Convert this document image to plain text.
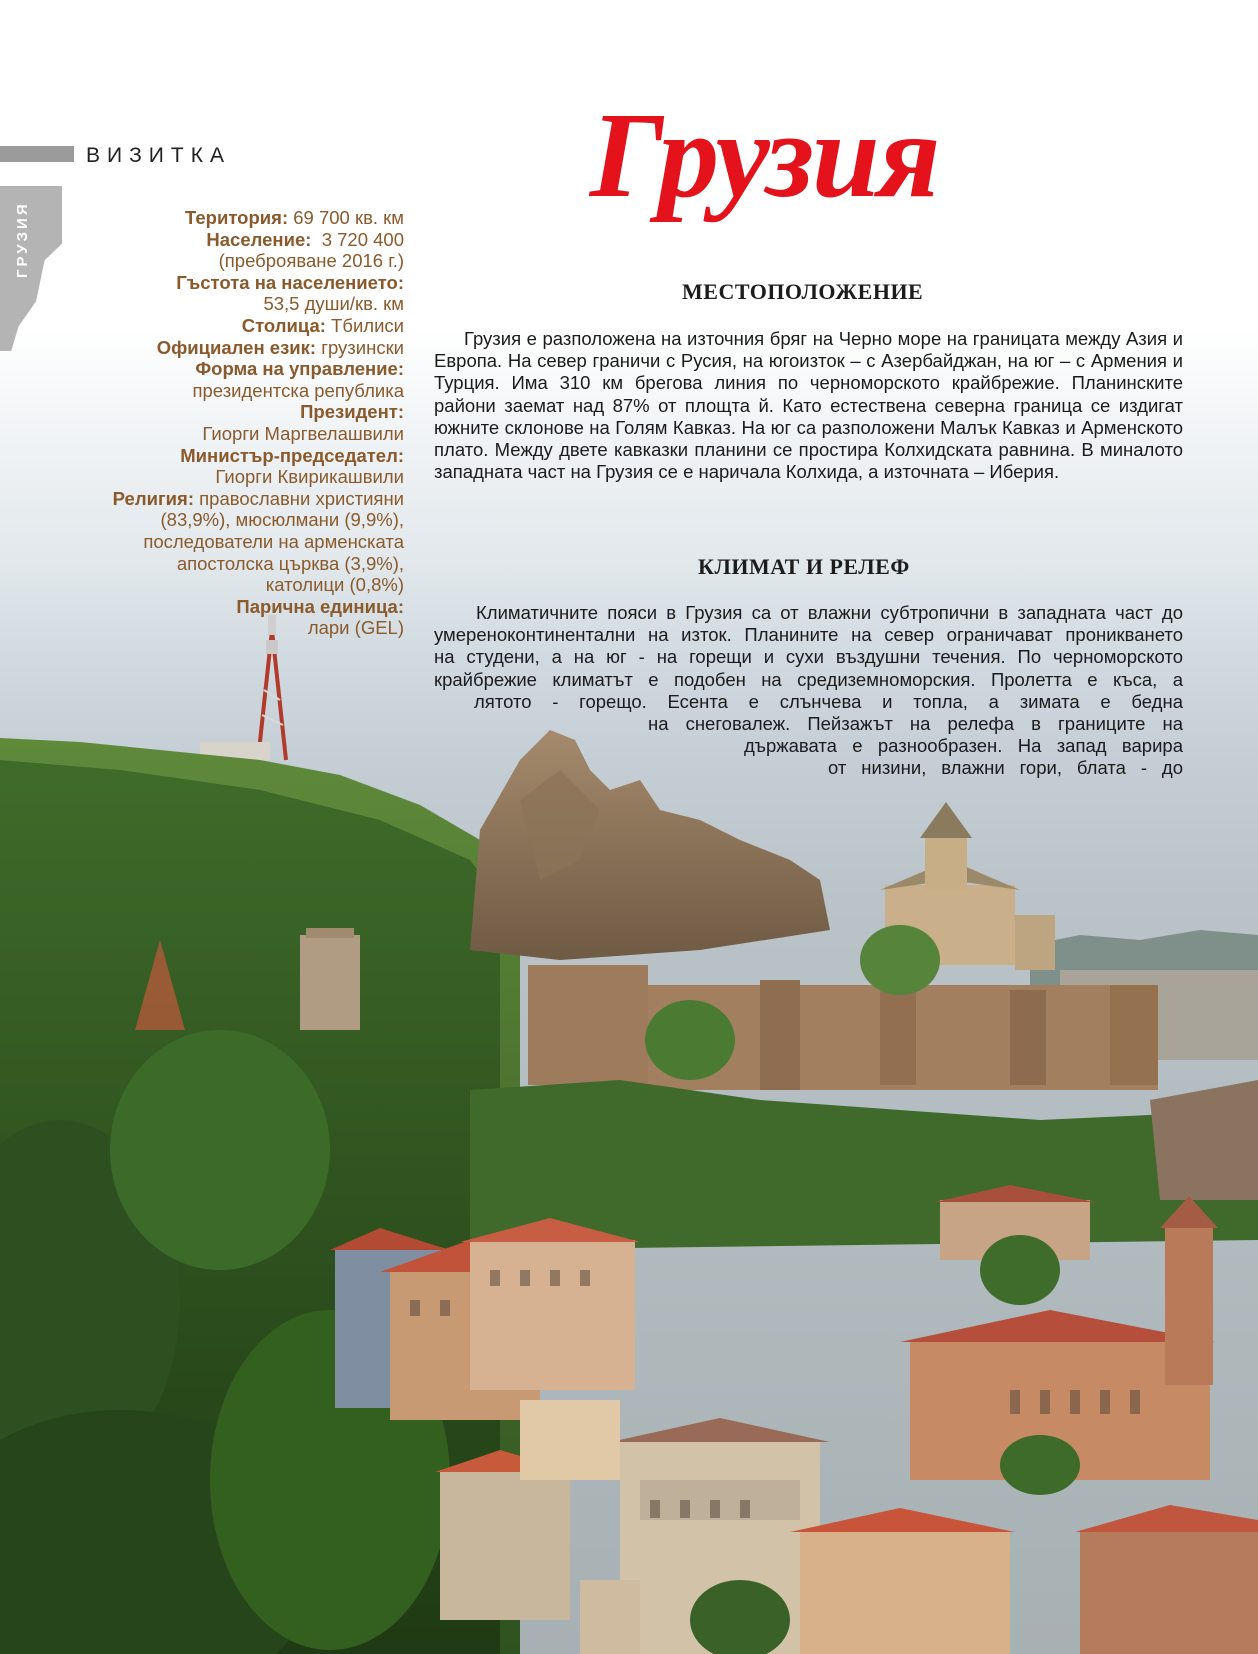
ГРУЗИЯ
ВИЗИТКА
Територия: 69 700 кв. км
Население: 3 720 400
(преброяване 2016 г.)
Гъстота на населението:
53,5 души/кв. км
Столица: Тбилиси
Официален език: грузински
Форма на управление:
президентска република
Президент:
Гиорги Маргвелашвили
Министър-председател:
Гиорги Квирикашвили
Религия: православни християни
(83,9%), мюсюлмани (9,9%),
последователи на арменската
апостолска църква (3,9%),
католици (0,8%)
Парична единица:
лари (GEL)
Грузия
МЕСТОПОЛОЖЕНИЕ
Грузия е разположена на източния бряг на Черно море на границата между Азия и Европа. На север граничи с Русия, на югоизток – с Азербайджан, на юг – с Армения и Турция. Има 310 км брегова линия по черноморското крайбрежие. Планинските райони заемат над 87% от площта й. Като естествена северна граница се издигат южните склонове на Голям Кавказ. На юг са разположени Малък Кавказ и Арменското плато. Между двете кавказки планини се простира Колхидската равнина. В миналото западната част на Грузия се е наричала Колхида, а източната – Иберия.
КЛИМАТ И РЕЛЕФ
Климатичните пояси в Грузия са от влажни субтропични в западната част до
умереноконтинентални на изток. Планините на север ограничават проникването
на студени, а на юг - на горещи и сухи въздушни течения. По черноморското
крайбрежие климатът е подобен на средиземноморския. Пролетта е къса, а
лятото - горещо. Есента е слънчева и топла, а зимата е бедна
на снеговалеж. Пейзажът на релефа в границите на
държавата е разнообразен. На запад варира
от низини, влажни гори, блата - до
